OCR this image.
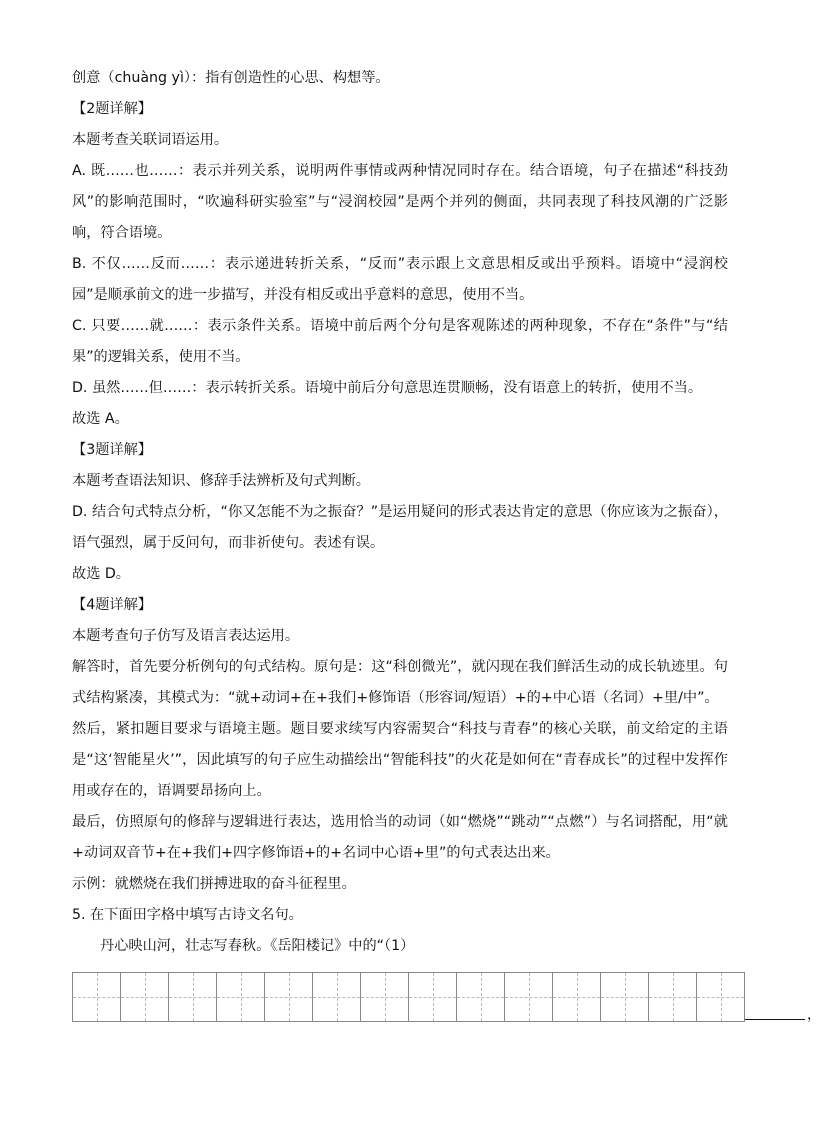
创意（chuàng yì）：指有创造性的心思、构想等。

【2题详解】

本题考查关联词语运用。

A. 既……也……：表示并列关系，说明两件事情或两种情况同时存在。结合语境，句子在描述“科技劲风”的影响范围时，“吹遍科研实验室”与“浸润校园”是两个并列的侧面，共同表现了科技风潮的广泛影响，符合语境。

B. 不仅……反而……：表示递进转折关系，“反而”表示跟上文意思相反或出乎预料。语境中“浸润校园”是顺承前文的进一步描写，并没有相反或出乎意料的意思，使用不当。

C. 只要……就……：表示条件关系。语境中前后两个分句是客观陈述的两种现象，不存在“条件”与“结果”的逻辑关系，使用不当。

D. 虽然……但……：表示转折关系。语境中前后分句意思连贯顺畅，没有语意上的转折，使用不当。

故选 A。

【3题详解】

本题考查语法知识、修辞手法辨析及句式判断。

D. 结合句式特点分析，“你又怎能不为之振奋？”是运用疑问的形式表达肯定的意思（你应该为之振奋），语气强烈，属于反问句，而非祈使句。表述有误。

故选 D。

【4题详解】

本题考查句子仿写及语言表达运用。

解答时，首先要分析例句的句式结构。原句是：这“科创微光”，就闪现在我们鲜活生动的成长轨迹里。句式结构紧凑，其模式为：“就+动词+在+我们+修饰语（形容词/短语）+的+中心语（名词）+里/中”。

然后，紧扣题目要求与语境主题。题目要求续写内容需契合“科技与青春”的核心关联，前文给定的主语是“这‘智能星火’”，因此填写的句子应生动描绘出“智能科技”的火花是如何在“青春成长”的过程中发挥作用或存在的，语调要昂扬向上。

最后，仿照原句的修辞与逻辑进行表达，选用恰当的动词（如“燃烧”“跳动”“点燃”）与名词搭配，用“就+动词双音节+在+我们+四字修饰语+的+名词中心语+里”的句式表达出来。

示例：就燃烧在我们拼搏进取的奋斗征程里。

5. 在下面田字格中填写古诗文名句。

丹心映山河，壮志写春秋。《岳阳楼记》中的“（1）

，
